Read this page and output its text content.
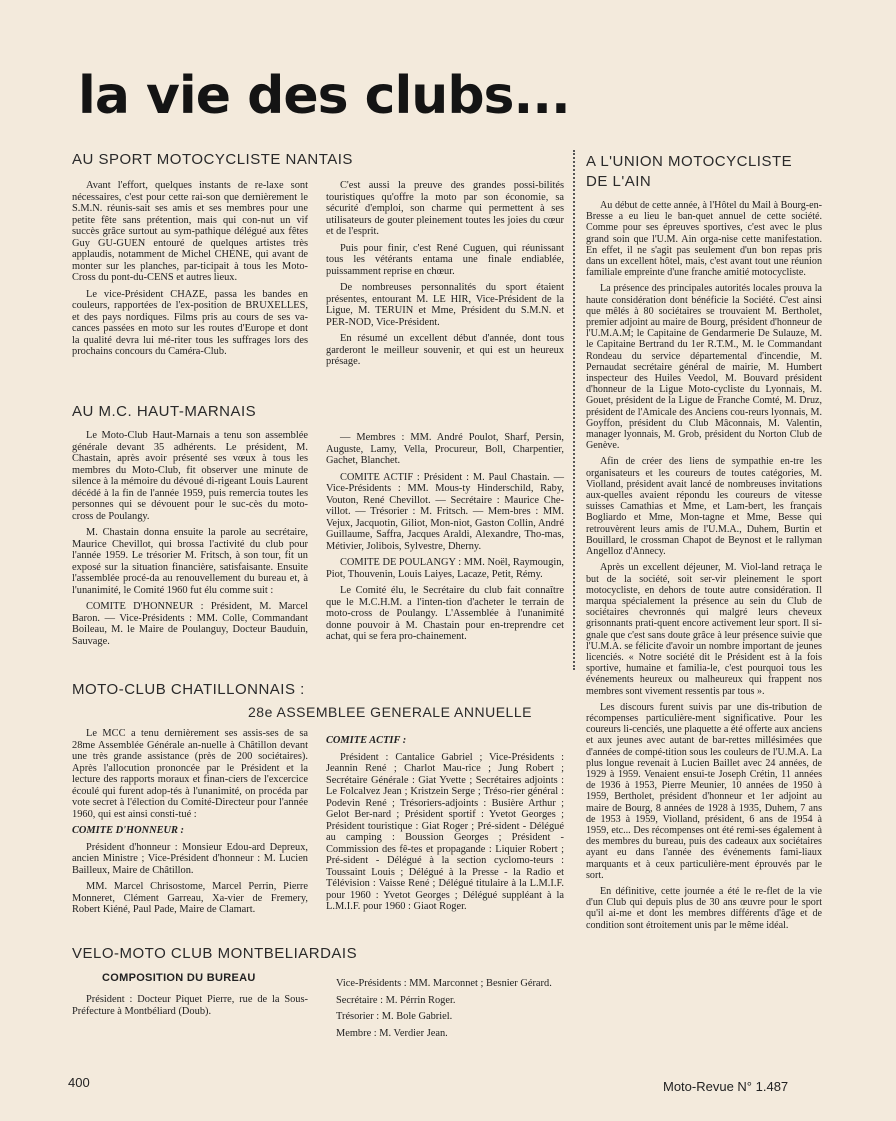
la vie des clubs...
AU SPORT MOTOCYCLISTE NANTAIS

Avant l'effort, quelques instants de re-laxe sont nécessaires, c'est pour cette rai-son que dernièrement le S.M.N. réunis-sait ses amis et ses membres pour une petite fête sans prétention, mais qui con-nut un vif succès grâce surtout au sym-pathique délégué aux fêtes Guy GU-GUEN entouré de quelques artistes très applaudis, notamment de Michel CHENE, qui avant de monter sur les planches, par-ticipait à tous les Moto-Cross du pont-du-CENS et autres lieux.

Le vice-Président CHAZE, passa les bandes en couleurs, rapportées de l'ex-position de BRUXELLES, et des pays nordiques. Films pris au cours de ses va-cances passées en moto sur les routes d'Europe et dont la qualité devra lui mé-riter tous les suffrages lors des prochains concours du Caméra-Club.

C'est aussi la preuve des grandes possi-bilités touristiques qu'offre la moto par son économie, sa sécurité d'emploi, son charme qui permettent à ses utilisateurs de gouter pleinement toutes les joies du cœur et de l'esprit.

Puis pour finir, c'est René Cuguen, qui réunissant tous les vétérants entama une finale endiablée, puissamment reprise en chœur.

De nombreuses personnalités du sport étaient présentes, entourant M. LE HIR, Vice-Président de la Ligue, M. TERUIN et Mme, Président du S.M.N. et PER-NOD, Vice-Président.

En résumé un excellent début d'année, dont tous garderont le meilleur souvenir, et qui est un heureux présage.

AU M.C. HAUT-MARNAIS

Le Moto-Club Haut-Marnais a tenu son assemblée générale devant 35 adhérents. Le président, M. Chastain, après avoir présenté ses vœux à tous les membres du Moto-Club, fit observer une minute de silence à la mémoire du dévoué di-rigeant Louis Laurent décédé à la fin de l'année 1959, puis remercia toutes les personnes qui se dévouent pour le suc-cès du moto-cross de Poulangy.

M. Chastain donna ensuite la parole au secrétaire, Maurice Chevillot, qui brossa l'activité du club pour l'année 1959. Le trésorier M. Fritsch, à son tour, fit un exposé sur la situation financière, satisfaisante. Ensuite l'assemblée procé-da au renouvellement du bureau et, à l'unanimité, le Comité 1960 fut élu comme suit :

COMITE D'HONNEUR : Président, M. Marcel Baron. — Vice-Présidents : MM. Colle, Commandant Boileau, M. le Maire de Poulanguy, Docteur Bauduin, Sauvage.

— Membres : MM. André Poulot, Sharf, Persin, Auguste, Lamy, Vella, Procureur, Boll, Charpentier, Gachet, Blanchet.

COMITE ACTIF : Président : M. Paul Chastain. — Vice-Présidents : MM. Mous-ty Hinderschild, Raby, Vouton, René Chevillot. — Secrétaire : Maurice Che-villot. — Trésorier : M. Fritsch. — Mem-bres : MM. Vejux, Jacquotin, Giliot, Mon-niot, Gaston Collin, André Guillaume, Saffra, Jacques Araldi, Alexandre, Tho-mas, Métivier, Jolibois, Sylvestre, Dherny.

COMITE DE POULANGY : MM. Noël, Raymougin, Piot, Thouvenin, Louis Laiyes, Lacaze, Petit, Rémy.

Le Comité élu, le Secrétaire du club fait connaître que le M.C.H.M. a l'inten-tion d'acheter le terrain de moto-cross de Poulangy. L'Assemblée à l'unanimité donne pouvoir à M. Chastain pour en-treprendre cet achat, qui se fera pro-chainement.

MOTO-CLUB CHATILLONNAIS :
28e ASSEMBLEE GENERALE ANNUELLE

Le MCC a tenu dernièrement ses assis-ses de sa 28me Assemblée Générale an-nuelle à Châtillon devant une très grande assistance (près de 200 sociétaires). Après l'allocution prononcée par le Président et la lecture des rapports moraux et finan-ciers de l'excercice écoulé qui furent adop-tés à l'unanimité, on procéda par vote secret à l'élection du Comité-Directeur pour l'année 1960, qui est ainsi consti-tué :

COMITE D'HONNEUR :

Président d'honneur : Monsieur Edou-ard Depreux, ancien Ministre ; Vice-Président d'honneur : M. Lucien Bailleux, Maire de Châtillon.

MM. Marcel Chrisostome, Marcel Perrin, Pierre Monneret, Clément Garreau, Xa-vier de Fremery, Robert Kiéné, Paul Pade, Maire de Clamart.

COMITE ACTIF :

Président : Cantalice Gabriel ; Vice-Présidents : Jeannin René ; Charlot Mau-rice ; Jung Robert ; Secrétaire Générale : Giat Yvette ; Secrétaires adjoints : Le Folcalvez Jean ; Kristzein Serge ; Tréso-rier général : Podevin René ; Trésoriers-adjoints : Busière Arthur ; Gelot Ber-nard ; Président sportif : Yvetot Georges ; Président touristique : Giat Roger ; Pré-sident - Délégué au camping : Boussion Georges ; Président - Commission des fê-tes et propagande : Liquier Robert ; Pré-sident - Délégué à la section cyclomo-teurs : Toussaint Louis ; Délégué à la Presse - la Radio et Télévision : Vaisse René ; Délégué titulaire à la L.M.I.F. pour 1960 : Yvetot Georges ; Délégué suppléant à la L.M.I.F. pour 1960 : Giaot Roger.

VELO-MOTO CLUB MONTBELIARDAIS
COMPOSITION DU BUREAU

Président : Docteur Piquet Pierre, rue de la Sous-Préfecture à Montbéliard (Doub).

Vice-Présidents : MM. Marconnet ; Besnier Gérard.

Secrétaire : M. Pérrin Roger.

Trésorier : M. Bole Gabriel.

Membre : M. Verdier Jean.

A L'UNION MOTOCYCLISTE
DE L'AIN

Au début de cette année, à l'Hôtel du Mail à Bourg-en-Bresse a eu lieu le ban-quet annuel de cette société. Comme pour ses épreuves sportives, c'est avec le plus grand soin que l'U.M. Ain orga-nise cette manifestation. En effet, il ne s'agit pas seulement d'un bon repas pris dans un excellent hôtel, mais, c'est avant tout une réunion familiale empreinte d'une franche amitié motocycliste.

La présence des principales autorités locales prouva la haute considération dont bénéficie la Société. C'est ainsi que mêlés à 80 sociétaires se trouvaient M. Bertholet, premier adjoint au maire de Bourg, président d'honneur de l'U.M.A.M; le Capitaine de Gendarmerie De Sulauze, M. le Capitaine Bertrand du 1er R.T.M., M. le Commandant Rondeau du service départemental d'incendie, M. Pernaudat secrétaire général de mairie, M. Humbert inspecteur des Huiles Veedol, M. Bouvard président d'honneur de la Ligue Moto-cycliste du Lyonnais, M. Gouet, président de la Ligue de Franche Comté, M. Druz, président de l'Amicale des Anciens cou-reurs lyonnais, M. Goyffon, président du Club Mâconnais, M. Valentin, manager lyonnais, M. Grob, président du Norton Club de Genève.

Afin de créer des liens de sympathie en-tre les organisateurs et les coureurs de toutes catégories, M. Violland, président avait lancé de nombreuses invitations aux-quelles avaient répondu les coureurs de vitesse suisses Camathias et Mme, et Lam-bert, les français Bogliardo et Mme, Mon-tagne et Mme, Besse qui retrouvèrent leurs amis de l'U.M.A., Duhem, Burtin et Bouillard, le crossman Chapot de Beynost et le rallyman Angelloz d'Annecy.

Après un excellent déjeuner, M. Viol-land retraça le but de la société, soit ser-vir pleinement le sport motocycliste, en dehors de toute autre considération. Il marqua spécialement la présence au sein du Club de sociétaires chevronnés qui malgré leurs cheveux grisonnants prati-quent encore activement leur sport. Il si-gnale que c'est sans doute grâce à leur présence suivie que l'U.M.A. se félicite d'avoir un nombre important de jeunes licenciés. « Notre société dit le Président est à la fois sportive, humaine et familia-le, c'est pourquoi tous les événements heureux ou malheureux qui frappent nos membres sont vivement ressentis par tous ».

Les discours furent suivis par une dis-tribution de récompenses particulière-ment significative. Pour les coureurs li-cenciés, une plaquette a été offerte aux anciens et aux jeunes avec autant de bar-rettes millésimées que d'années de compé-tition sous les couleurs de l'U.M.A. La plus longue revenait à Lucien Baillet avec 24 années, de 1929 à 1959. Venaient ensui-te Joseph Crétin, 11 années de 1936 à 1953, Pierre Meunier, 10 années de 1950 à 1959, Bertholet, président d'honneur et 1er adjoint au maire de Bourg, 8 années de 1928 à 1935, Duhem, 7 ans de 1953 à 1959, Violland, président, 6 ans de 1954 à 1959, etc... Des récompenses ont été remi-ses également à des membres du bureau, puis des cadeaux aux sociétaires ayant eu dans l'année des événements fami-liaux marquants et à ceux particulière-ment éprouvés par le sort.

En définitive, cette journée a été le re-flet de la vie d'un Club qui depuis plus de 30 ans œuvre pour le sport qu'il ai-me et dont les membres différents d'âge et de condition sont étroitement unis par le même idéal.

400	Moto-Revue N° 1.487
